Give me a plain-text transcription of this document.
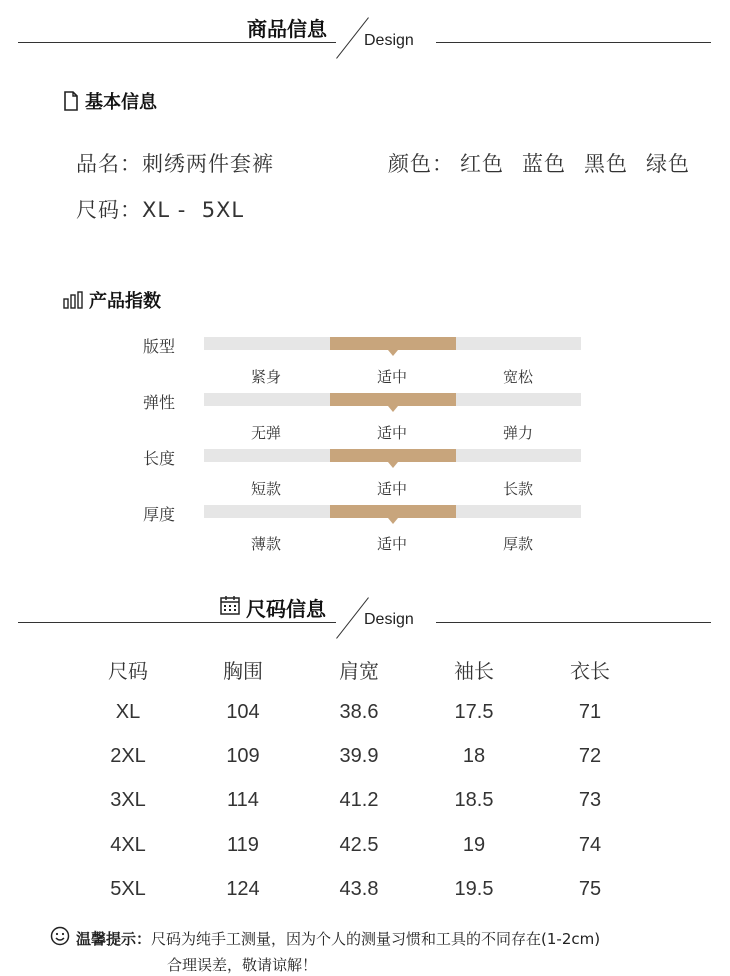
商品信息 Design
基本信息
品名：刺绣两件套裤	颜色： 红色 蓝色 黑色 绿色
尺码：XL -  5XL
产品指数
版型
紧身	适中	宽松
弹性
无弹	适中	弹力
长度
短款	适中	长款
厚度
薄款	适中	厚款
尺码信息 Design
尺码	胸围	肩宽	袖长	衣长
XL	104	38.6	17.5	71
2XL	109	39.9	18	72
3XL	114	41.2	18.5	73
4XL	119	42.5	19	74
5XL	124	43.8	19.5	75
温馨提示： 尺码为纯手工测量，因为个人的测量习惯和工具的不同存在(1-2cm)
合理误差，敬请谅解！
